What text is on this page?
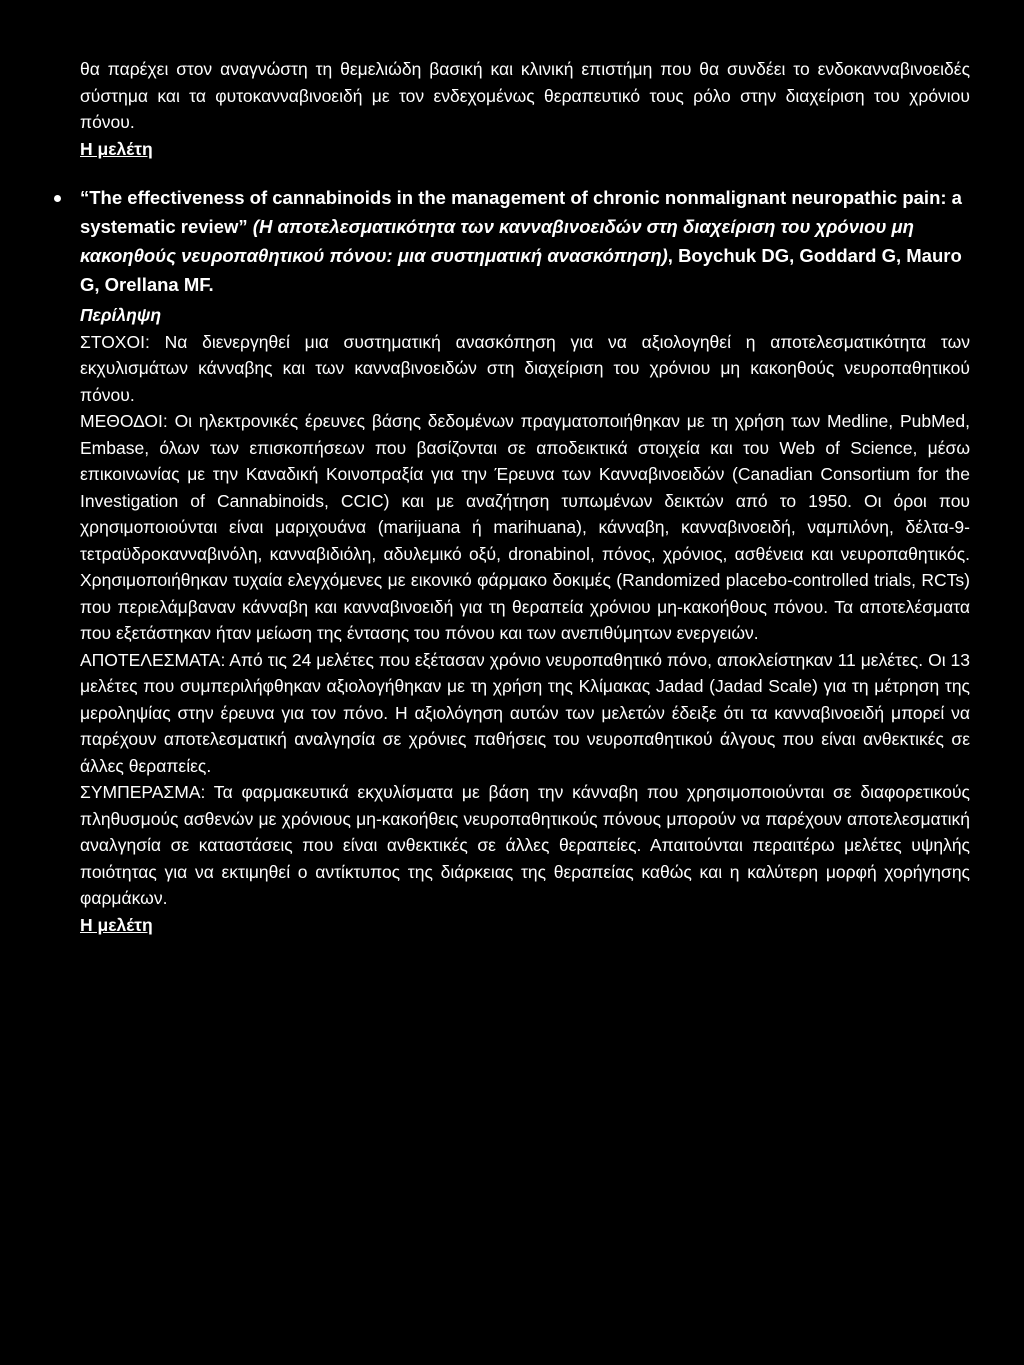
θα παρέχει στον αναγνώστη τη θεμελιώδη βασική και κλινική επιστήμη που θα συνδέει το ενδοκανναβινοειδές σύστημα και τα φυτοκανναβινοειδή με τον ενδεχομένως θεραπευτικό τους ρόλο στην διαχείριση του χρόνιου πόνου.

Η μελέτη
“The effectiveness of cannabinoids in the management of chronic nonmalignant neuropathic pain: a systematic review” (Η αποτελεσματικότητα των κανναβινοειδών στη διαχείριση του χρόνιου μη κακοηθούς νευροπαθητικού πόνου: μια συστηματική ανασκόπηση), Boychuk DG, Goddard G, Mauro G, Orellana MF.
Περίληψη

ΣΤΟΧΟΙ: Να διενεργηθεί μια συστηματική ανασκόπηση για να αξιολογηθεί η αποτελεσματικότητα των εκχυλισμάτων κάνναβης και των κανναβινοειδών στη διαχείριση του χρόνιου μη κακοηθούς νευροπαθητικού πόνου.

ΜΕΘΟΔΟΙ: Οι ηλεκτρονικές έρευνες βάσης δεδομένων πραγματοποιήθηκαν με τη χρήση των Medline, PubMed, Embase, όλων των επισκοπήσεων που βασίζονται σε αποδεικτικά στοιχεία και του Web of Science, μέσω επικοινωνίας με την Καναδική Κοινοπραξία για την Έρευνα των Κανναβινοειδών (Canadian Consortium for the Investigation of Cannabinoids, CCIC) και με αναζήτηση τυπωμένων δεικτών από το 1950. Οι όροι που χρησιμοποιούνται είναι μαριχουάνα (marijuana ή marihuana), κάνναβη, κανναβινοειδή, ναμπιλόνη, δέλτα-9-τετραϋδροκανναβινόλη, κανναβιδιόλη, αδυλεμικό οξύ, dronabinol, πόνος, χρόνιος, ασθένεια και νευροπαθητικός. Χρησιμοποιήθηκαν τυχαία ελεγχόμενες με εικονικό φάρμακο δοκιμές (Randomized placebo-controlled trials, RCTs) που περιελάμβαναν κάνναβη και κανναβινοειδή για τη θεραπεία χρόνιου μη-κακοήθους πόνου. Τα αποτελέσματα που εξετάστηκαν ήταν μείωση της έντασης του πόνου και των ανεπιθύμητων ενεργειών.

ΑΠΟΤΕΛΕΣΜΑΤΑ: Από τις 24 μελέτες που εξέτασαν χρόνιο νευροπαθητικό πόνο, αποκλείστηκαν 11 μελέτες. Οι 13 μελέτες που συμπεριλήφθηκαν αξιολογήθηκαν με τη χρήση της Κλίμακας Jadad (Jadad Scale) για τη μέτρηση της μεροληψίας στην έρευνα για τον πόνο. Η αξιολόγηση αυτών των μελετών έδειξε ότι τα κανναβινοειδή μπορεί να παρέχουν αποτελεσματική αναλγησία σε χρόνιες παθήσεις του νευροπαθητικού άλγους που είναι ανθεκτικές σε άλλες θεραπείες.

ΣΥΜΠΕΡΑΣΜΑ: Τα φαρμακευτικά εκχυλίσματα με βάση την κάνναβη που χρησιμοποιούνται σε διαφορετικούς πληθυσμούς ασθενών με χρόνιους μη-κακοήθεις νευροπαθητικούς πόνους μπορούν να παρέχουν αποτελεσματική αναλγησία σε καταστάσεις που είναι ανθεκτικές σε άλλες θεραπείες. Απαιτούνται περαιτέρω μελέτες υψηλής ποιότητας για να εκτιμηθεί ο αντίκτυπος της διάρκειας της θεραπείας καθώς και η καλύτερη μορφή χορήγησης φαρμάκων.

Η μελέτη
